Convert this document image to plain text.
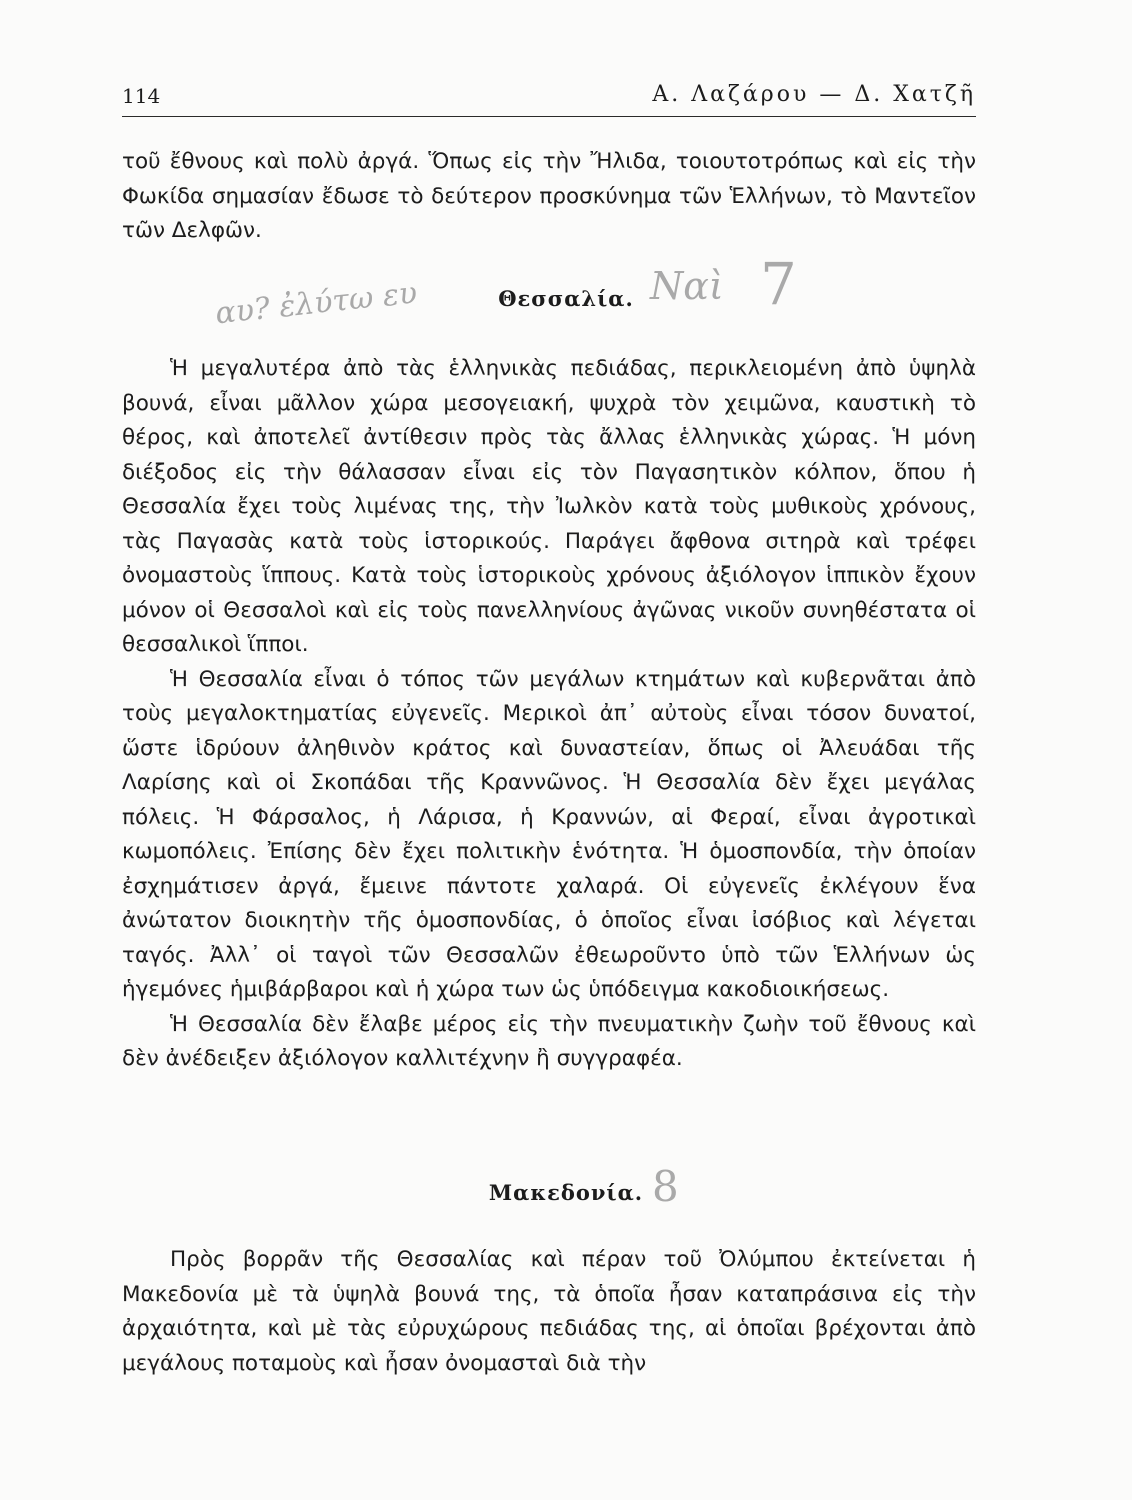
114	Α. Λαζάρου — Δ. Χατζῆ

τοῦ ἔθνους καὶ πολὺ ἀργά. Ὅπως εἰς τὴν Ἤλιδα, τοιουτοτρόπως καὶ εἰς τὴν Φωκίδα σημασίαν ἔδωσε τὸ δεύτερον προσκύνημα τῶν Ἑλλήνων, τὸ Μαντεῖον τῶν Δελφῶν.

Θεσσαλία.
αυ? ἐλύτω ευ	Ναὶ 7

Ἡ μεγαλυτέρα ἀπὸ τὰς ἑλληνικὰς πεδιάδας, περικλειομένη ἀπὸ ὑψηλὰ βουνά, εἶναι μᾶλλον χώρα μεσογειακή, ψυχρὰ τὸν χειμῶνα, καυστικὴ τὸ θέρος, καὶ ἀποτελεῖ ἀντίθεσιν πρὸς τὰς ἄλλας ἑλληνικὰς χώρας. Ἡ μόνη διέξοδος εἰς τὴν θάλασσαν εἶναι εἰς τὸν Παγασητικὸν κόλπον, ὅπου ἡ Θεσσαλία ἔχει τοὺς λιμένας της, τὴν Ἰωλκὸν κατὰ τοὺς μυθικοὺς χρόνους, τὰς Παγασὰς κατὰ τοὺς ἱστορικούς. Παράγει ἄφθονα σιτηρὰ καὶ τρέφει ὀνομαστοὺς ἵππους. Κατὰ τοὺς ἱστορικοὺς χρόνους ἀξιόλογον ἱππικὸν ἔχουν μόνον οἱ Θεσσαλοὶ καὶ εἰς τοὺς πανελληνίους ἀγῶνας νικοῦν συνηθέστατα οἱ θεσσαλικοὶ ἵπποι.

Ἡ Θεσσαλία εἶναι ὁ τόπος τῶν μεγάλων κτημάτων καὶ κυβερνᾶται ἀπὸ τοὺς μεγαλοκτηματίας εὐγενεῖς. Μερικοὶ ἀπ᾽ αὐτοὺς εἶναι τόσον δυνατοί, ὥστε ἱδρύουν ἀληθινὸν κράτος καὶ δυναστείαν, ὅπως οἱ Ἀλευάδαι τῆς Λαρίσης καὶ οἱ Σκοπάδαι τῆς Κραννῶνος. Ἡ Θεσσαλία δὲν ἔχει μεγάλας πόλεις. Ἡ Φάρσαλος, ἡ Λάρισα, ἡ Κραννών, αἱ Φεραί, εἶναι ἀγροτικαὶ κωμοπόλεις. Ἐπίσης δὲν ἔχει πολιτικὴν ἑνότητα. Ἡ ὁμοσπονδία, τὴν ὁποίαν ἐσχημάτισεν ἀργά, ἔμεινε πάντοτε χαλαρά. Οἱ εὐγενεῖς ἐκλέγουν ἕνα ἀνώτατον διοικητὴν τῆς ὁμοσπονδίας, ὁ ὁποῖος εἶναι ἰσόβιος καὶ λέγεται ταγός. Ἀλλ᾽ οἱ ταγοὶ τῶν Θεσσαλῶν ἐθεωροῦντο ὑπὸ τῶν Ἑλλήνων ὡς ἡγεμόνες ἡμιβάρβαροι καὶ ἡ χώρα των ὡς ὑπόδειγμα κακοδιοικήσεως.

Ἡ Θεσσαλία δὲν ἔλαβε μέρος εἰς τὴν πνευματικὴν ζωὴν τοῦ ἔθνους καὶ δὲν ἀνέδειξεν ἀξιόλογον καλλιτέχνην ἢ συγγραφέα.

Μακεδονία. 8

Πρὸς βορρᾶν τῆς Θεσσαλίας καὶ πέραν τοῦ Ὀλύμπου ἐκτείνεται ἡ Μακεδονία μὲ τὰ ὑψηλὰ βουνά της, τὰ ὁποῖα ἦσαν καταπράσινα εἰς τὴν ἀρχαιότητα, καὶ μὲ τὰς εὐρυχώρους πεδιάδας της, αἱ ὁποῖαι βρέχονται ἀπὸ μεγάλους ποταμοὺς καὶ ἦσαν ὀνομασταὶ διὰ τὴν
